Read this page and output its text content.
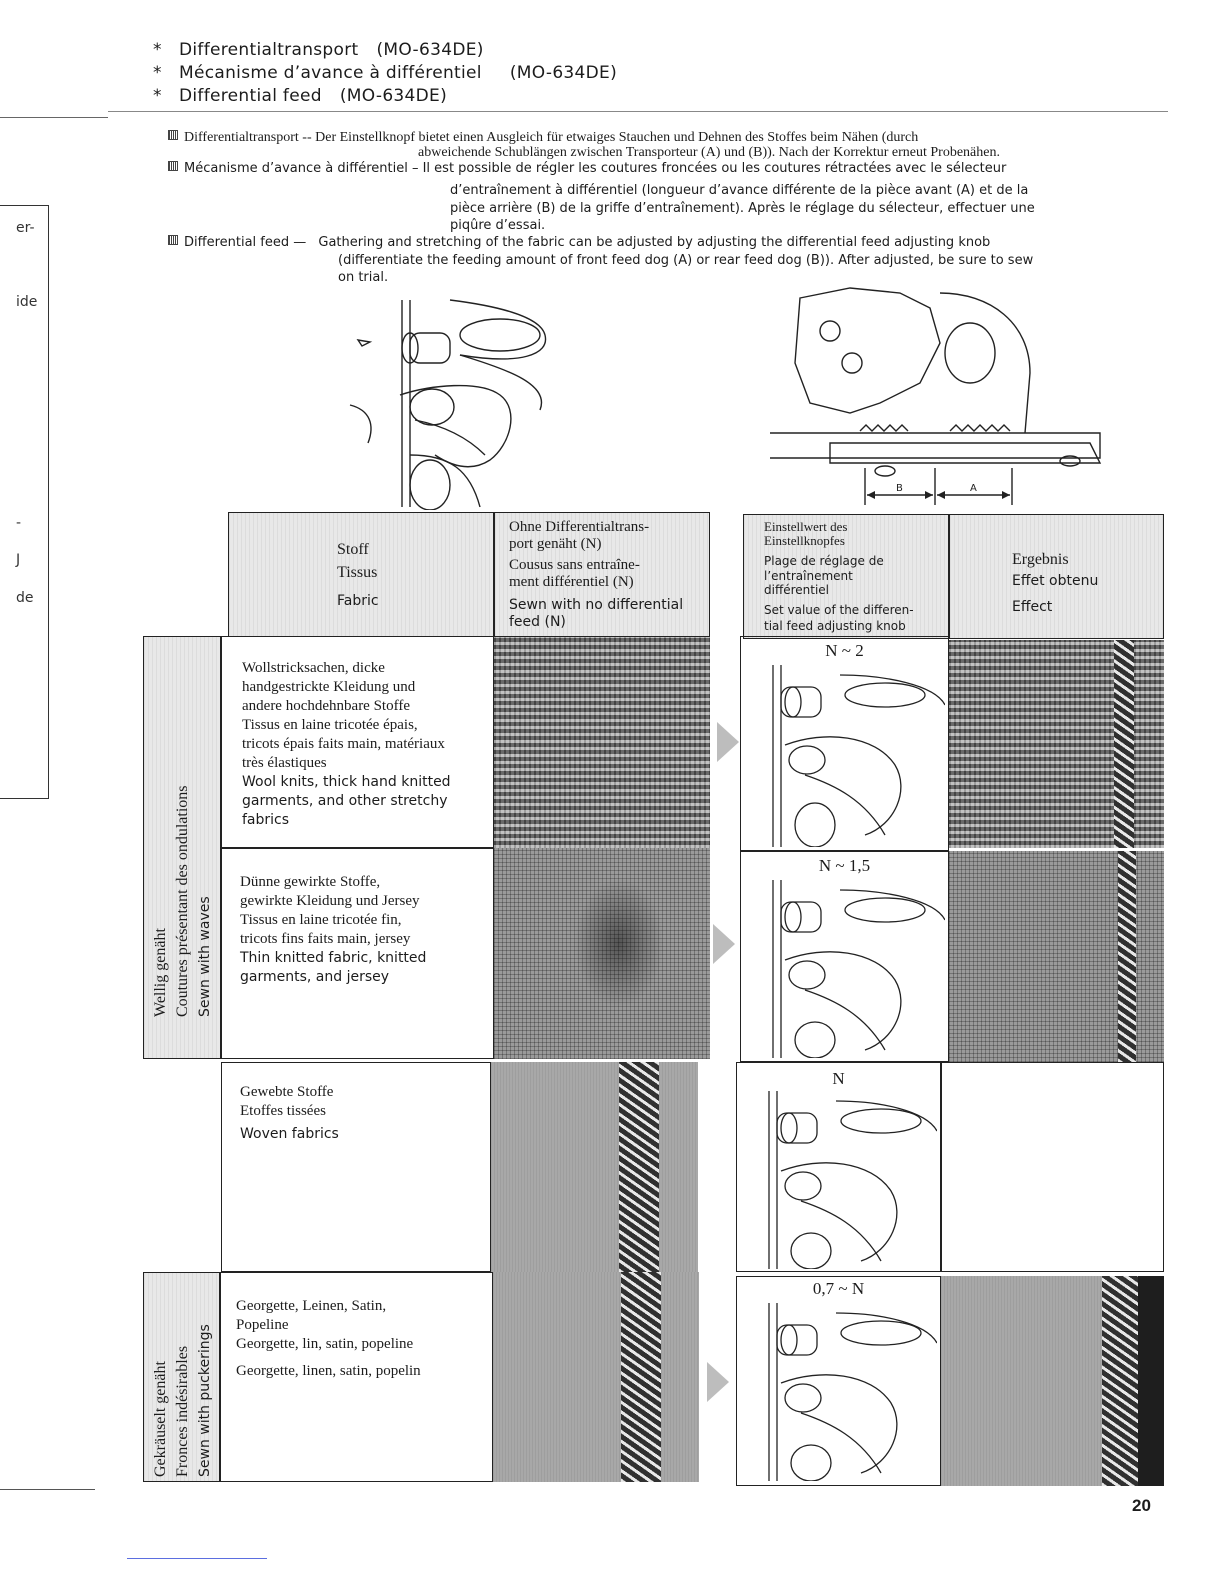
* Differentialtransport (MO-634DE)
* Mécanisme d’avance à différentiel (MO-634DE)
* Differential feed (MO-634DE)
er-
ide
-
J
de
Differentialtransport -- Der Einstellknopf bietet einen Ausgleich für etwaiges Stauchen und Dehnen des Stoffes beim Nähen (durch
abweichende Schublängen zwischen Transporteur (A) und (B)). Nach der Korrektur erneut Probenähen.
Mécanisme d’avance à différentiel – Il est possible de régler les coutures froncées ou les coutures rétractées avec le sélecteur
d’entraînement à différentiel (longueur d’avance différente de la pièce avant (A) et de la
pièce arrière (B) de la griffe d’entraînement). Après le réglage du sélecteur, effectuer une
piqûre d’essai.
Differential feed — Gathering and stretching of the fabric can be adjusted by adjusting the differential feed adjusting knob
(differentiate the feeding amount of front feed dog (A) or rear feed dog (B)). After adjusted, be sure to sew
on trial.
B	A
Stoff
Tissus
Fabric
Ohne Differentialtrans-
port genäht (N)
Cousus sans entraîne-
ment différentiel (N)
Sewn with no differential
feed (N)
Einstellwert des
Einstellknopfes
Plage de réglage de
l’entraînement
différentiel
Set value of the differen-
tial feed adjusting knob
Ergebnis
Effet obtenu
Effect
Wellig genäht Coutures présentant des ondulations Sewn with waves
Gekräuselt genäht Fronces indésirables Sewn with puckerings
Wollstricksachen, dicke
handgestrickte Kleidung und
andere hochdehnbare Stoffe
Tissus en laine tricotée épais,
tricots épais faits main, matériaux
très élastiques
Wool knits, thick hand knitted
garments, and other stretchy
fabrics
N ~ 2
Dünne gewirkte Stoffe,
gewirkte Kleidung und Jersey
Tissus en laine tricotée fin,
tricots fins faits main, jersey
Thin knitted fabric, knitted
garments, and jersey
N ~ 1,5
Gewebte Stoffe
Etoffes tissées
Woven fabrics
N
Georgette, Leinen, Satin,
Popeline
Georgette, lin, satin, popeline
Georgette, linen, satin, popelin
0,7 ~ N
20
